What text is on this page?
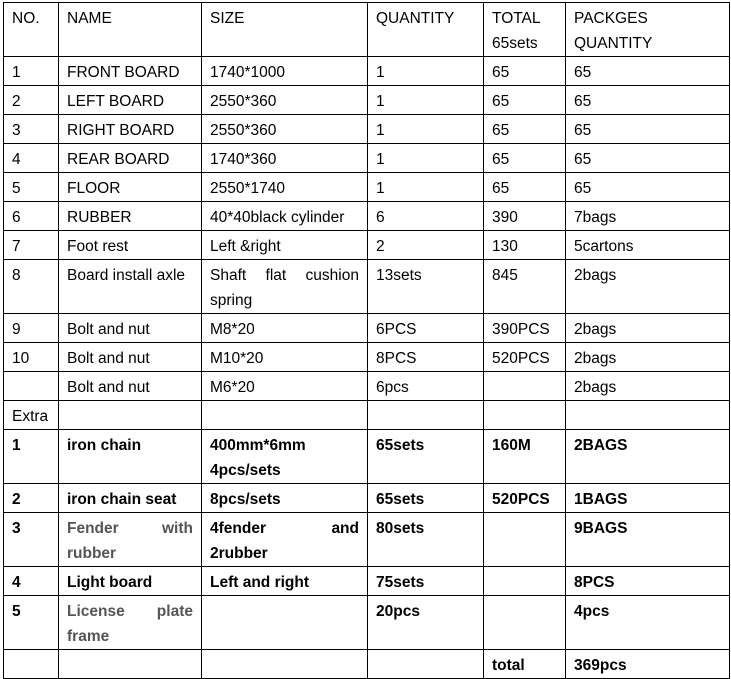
NO.	NAME	SIZE	QUANTITY	TOTAL 65sets	PACKGES QUANTITY
1	FRONT BOARD	1740*1000	1	65	65
2	LEFT BOARD	2550*360	1	65	65
3	RIGHT BOARD	2550*360	1	65	65
4	REAR BOARD	1740*360	1	65	65
5	FLOOR	2550*1740	1	65	65
6	RUBBER	40*40black cylinder	6	390	7bags
7	Foot rest	Left &right	2	130	5cartons
8	Board install axle	Shaft flat cushion spring	13sets	845	2bags
9	Bolt and nut	M8*20	6PCS	390PCS	2bags
10	Bolt and nut	M10*20	8PCS	520PCS	2bags
	Bolt and nut	M6*20	6pcs		2bags
Extra					
1	iron chain	400mm*6mm 4pcs/sets	65sets	160M	2BAGS
2	iron chain seat	8pcs/sets	65sets	520PCS	1BAGS
3	Fender with rubber	4fender and 2rubber	80sets		9BAGS
4	Light board	Left and right	75sets		8PCS
5	License plate frame		20pcs		4pcs
				total	369pcs
